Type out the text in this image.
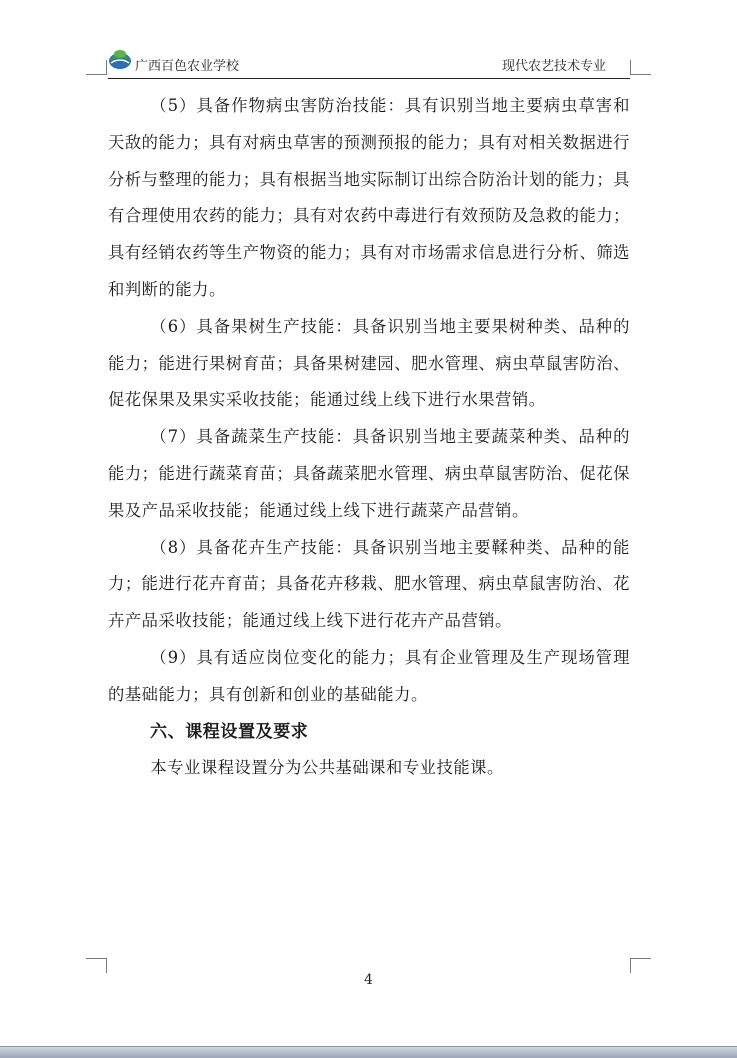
广西百色农业学校	现代农艺技术专业

（5）具备作物病虫害防治技能：具有识别当地主要病虫草害和天敌的能力；具有对病虫草害的预测预报的能力；具有对相关数据进行分析与整理的能力；具有根据当地实际制订出综合防治计划的能力；具有合理使用农药的能力；具有对农药中毒进行有效预防及急救的能力；具有经销农药等生产物资的能力；具有对市场需求信息进行分析、筛选和判断的能力。

（6）具备果树生产技能：具备识别当地主要果树种类、品种的能力；能进行果树育苗；具备果树建园、肥水管理、病虫草鼠害防治、促花保果及果实采收技能；能通过线上线下进行水果营销。

（7）具备蔬菜生产技能：具备识别当地主要蔬菜种类、品种的能力；能进行蔬菜育苗；具备蔬菜肥水管理、病虫草鼠害防治、促花保果及产品采收技能；能通过线上线下进行蔬菜产品营销。

（8）具备花卉生产技能：具备识别当地主要鞣种类、品种的能力；能进行花卉育苗；具备花卉移栽、肥水管理、病虫草鼠害防治、花卉产品采收技能；能通过线上线下进行花卉产品营销。

（9）具有适应岗位变化的能力；具有企业管理及生产现场管理的基础能力；具有创新和创业的基础能力。

六、课程设置及要求

本专业课程设置分为公共基础课和专业技能课。

4
